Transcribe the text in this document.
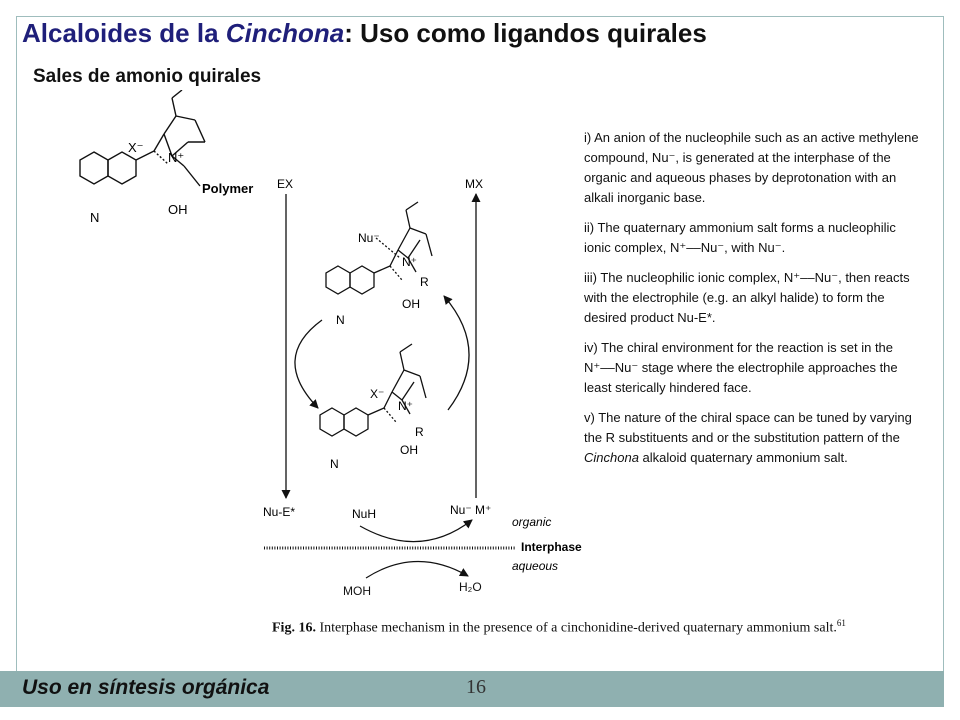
Alcaloides de la Cinchona: Uso como ligandos quirales
Sales de amonio quirales
X⁻
N⁺
Polymer
OH
N
EX	MX
Nu⁻
N⁺
R
OH
N
X⁻
N⁺
R
OH
N
Nu-E*	NuH	Nu⁻ M⁺
organic
Interphase
aqueous
MOH	H₂O

i) An anion of the nucleophile such as an active methylene compound, Nu⁻, is generated at the interphase of the organic and aqueous phases by deprotonation with an alkali inorganic base.

ii) The quaternary ammonium salt forms a nucleophilic ionic complex, N⁺––Nu⁻, with Nu⁻.

iii) The nucleophilic ionic complex, N⁺––Nu⁻, then reacts with the electrophile (e.g. an alkyl halide) to form the desired product Nu-E*.

iv) The chiral environment for the reaction is set in the N⁺––Nu⁻ stage where the electrophile approaches the least sterically hindered face.

v) The nature of the chiral space can be tuned by varying the R substituents and or the substitution pattern of the Cinchona alkaloid quaternary ammonium salt.

Fig. 16. Interphase mechanism in the presence of a cinchonidine-derived quaternary ammonium salt.$^{61}$
Uso en síntesis orgánica	16
